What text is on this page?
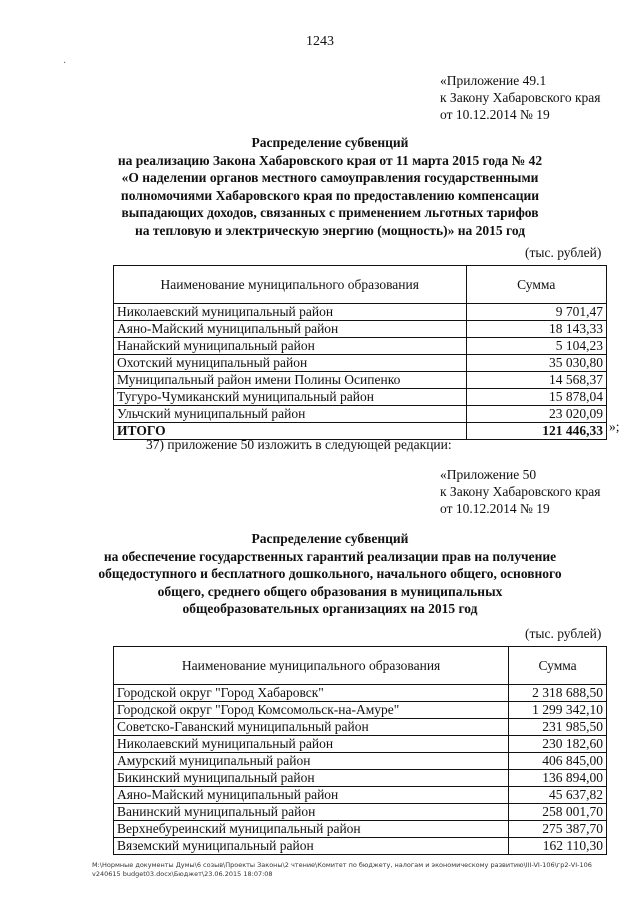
1243
·
«Приложение 49.1
к Закону Хабаровского края
от 10.12.2014 № 19
Распределение субвенций
на реализацию Закона Хабаровского края от 11 марта 2015 года № 42
«О наделении органов местного самоуправления государственными
полномочиями Хабаровского края по предоставлению компенсации
выпадающих доходов, связанных с применением льготных тарифов
на тепловую и электрическую энергию (мощность)» на 2015 год
(тыс. рублей)
Наименование муниципального образования	Сумма
Николаевский муниципальный район	9 701,47
Аяно-Майский муниципальный район	18 143,33
Нанайский муниципальный район	5 104,23
Охотский муниципальный район	35 030,80
Муниципальный район имени Полины Осипенко	14 568,37
Тугуро-Чумиканский муниципальный район	15 878,04
Ульчский муниципальный район	23 020,09
ИТОГО	121 446,33 »;
37) приложение 50 изложить в следующей редакции:
«Приложение 50
к Закону Хабаровского края
от 10.12.2014 № 19
Распределение субвенций
на обеспечение государственных гарантий реализации прав на получение
общедоступного и бесплатного дошкольного, начального общего, основного
общего, среднего общего образования в муниципальных
общеобразовательных организациях на 2015 год
(тыс. рублей)
Наименование муниципального образования	Сумма
Городской округ "Город Хабаровск"	2 318 688,50
Городской округ "Город Комсомольск-на-Амуре"	1 299 342,10
Советско-Гаванский муниципальный район	231 985,50
Николаевский муниципальный район	230 182,60
Амурский муниципальный район	406 845,00
Бикинский муниципальный район	136 894,00
Аяно-Майский муниципальный район	45 637,82
Ванинский муниципальный район	258 001,70
Верхнебуреинский муниципальный район	275 387,70
Вяземский муниципальный район	162 110,30
М:\Нормные документы Думы\6 созыв\Проекты Законы\2 чтение\Комитет по бюджету, налогам и экономическому развитию\III-VI-106\гр2-VI-106 v240615 budget03.docx\Бюджет\23.06.2015 18:07:08
